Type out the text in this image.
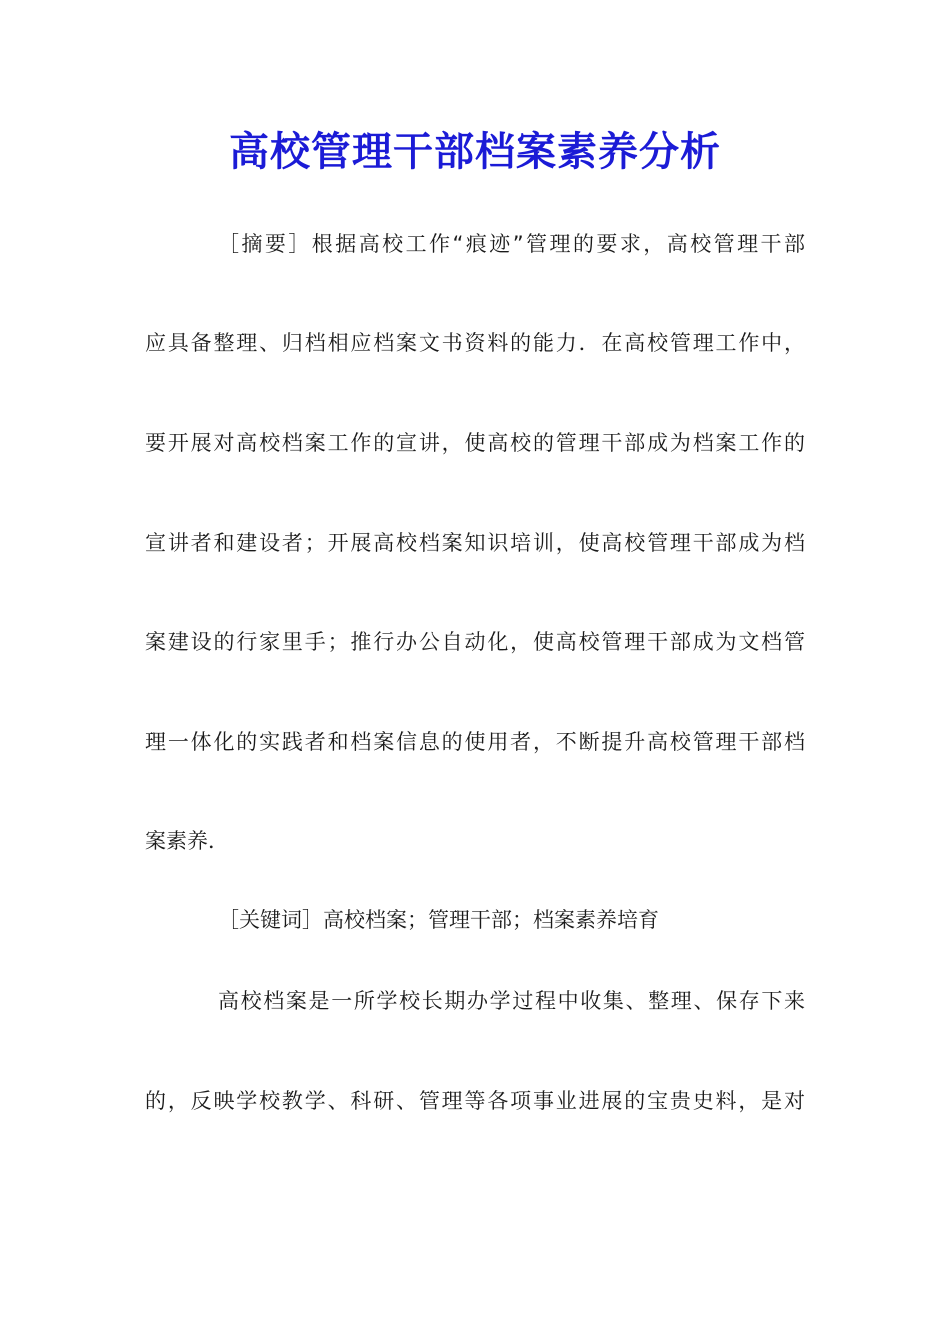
高校管理干部档案素养分析
［摘要］根据高校工作“痕迹”管理的要求，高校管理干部
应具备整理、归档相应档案文书资料的能力．在高校管理工作中，
要开展对高校档案工作的宣讲，使高校的管理干部成为档案工作的
宣讲者和建设者；开展高校档案知识培训，使高校管理干部成为档
案建设的行家里手；推行办公自动化，使高校管理干部成为文档管
理一体化的实践者和档案信息的使用者，不断提升高校管理干部档
案素养．
［关键词］高校档案；管理干部；档案素养培育
高校档案是一所学校长期办学过程中收集、整理、保存下来
的，反映学校教学、科研、管理等各项事业进展的宝贵史料，是对
